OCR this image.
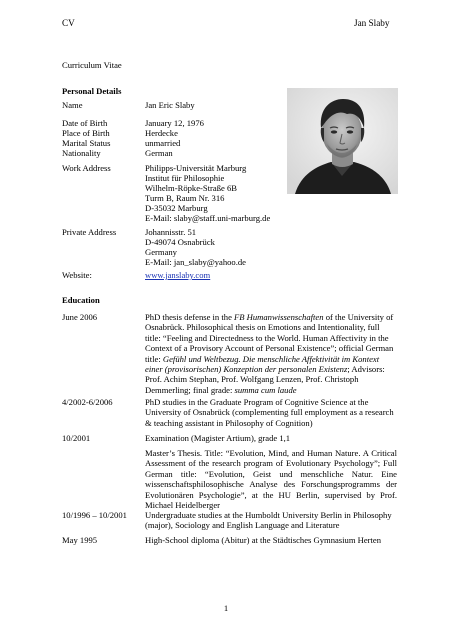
CV	Jan Slaby
Curriculum Vitae
Personal Details
Name	Jan Eric Slaby
Date of Birth	January 12, 1976
Place of Birth	Herdecke
Marital Status	unmarried
Nationality	German
Work Address	Philipps-Universität Marburg
Institut für Philosophie
Wilhelm-Röpke-Straße 6B
Turm B, Raum Nr. 316
D-35032 Marburg
E-Mail: slaby@staff.uni-marburg.de
Private Address	Johannisstr. 51
D-49074 Osnabrück
Germany
E-Mail: jan_slaby@yahoo.de
Website:	www.janslaby.com
Education
June 2006	PhD thesis defense in the FB Humanwissenschaften of the University of Osnabrück. Philosophical thesis on Emotions and Intentionality, full title: “Feeling and Directedness to the World. Human Affectivity in the Context of a Provisory Account of Personal Existence”; official German title: Gefühl und Weltbezug. Die menschliche Affektivität im Kontext einer (provisorischen) Konzeption der personalen Existenz; Advisors: Prof. Achim Stephan, Prof. Wolfgang Lenzen, Prof. Christoph Demmerling; final grade: summa cum laude
4/2002-6/2006	PhD studies in the Graduate Program of Cognitive Science at the University of Osnabrück (complementing full employment as a research & teaching assistant in Philosophy of Cognition)
10/2001	Examination (Magister Artium), grade 1,1
Master’s Thesis. Title: “Evolution, Mind, and Human Nature. A Critical Assessment of the research program of Evolutionary Psychology”; Full German title: “Evolution, Geist und menschliche Natur. Eine wissenschaftsphilosophische Analyse des Forschungsprogramms der Evolutionären Psychologie”, at the HU Berlin, supervised by Prof. Michael Heidelberger
10/1996 – 10/2001 Undergraduate studies at the Humboldt University Berlin in Philosophy (major), Sociology and English Language and Literature
May 1995	High-School diploma (Abitur) at the Städtisches Gymnasium Herten
1
